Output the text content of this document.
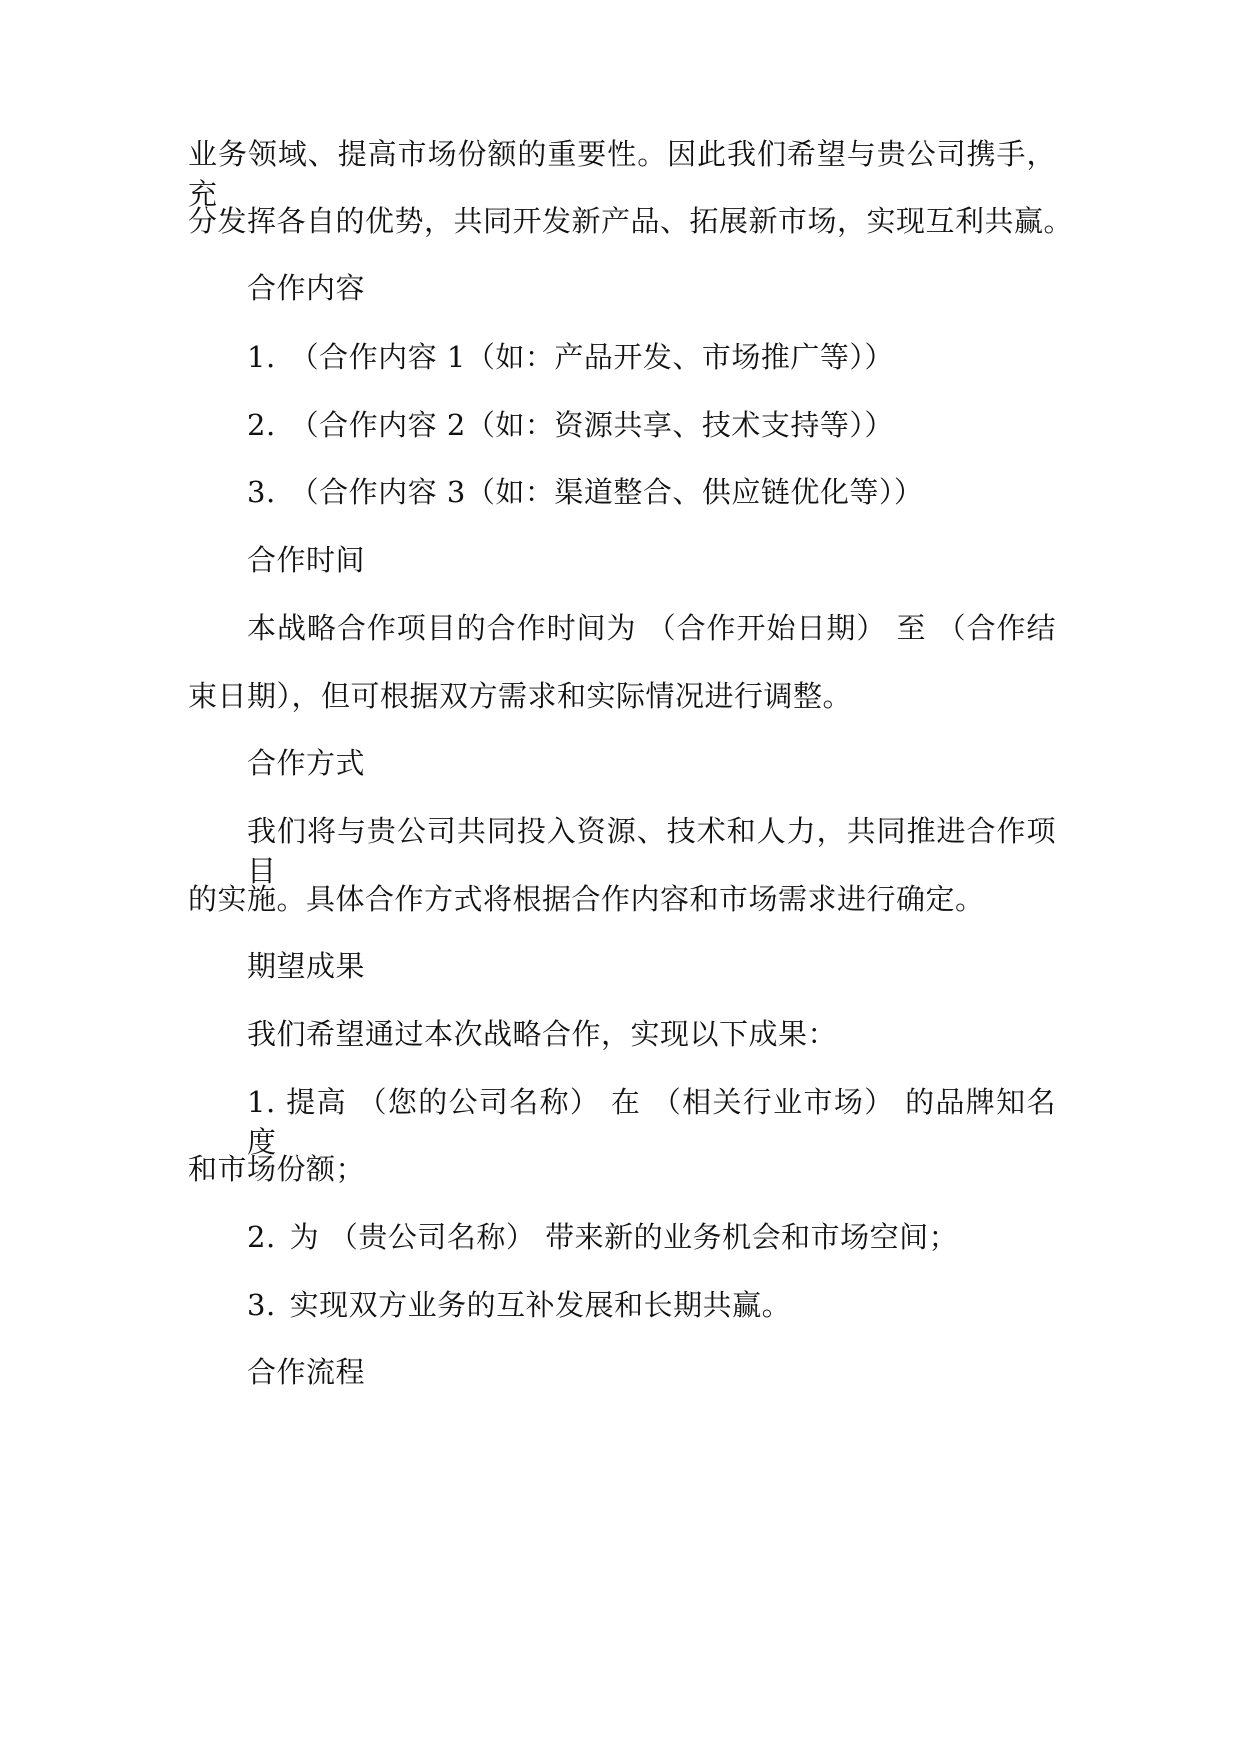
业务领域、提高市场份额的重要性。因此我们希望与贵公司携手，充
分发挥各自的优势，共同开发新产品、拓展新市场，实现互利共赢。
合作内容
1. （合作内容 1（如：产品开发、市场推广等））
2. （合作内容 2（如：资源共享、技术支持等））
3. （合作内容 3（如：渠道整合、供应链优化等））
合作时间
本战略合作项目的合作时间为 （合作开始日期） 至 （合作结
束日期），但可根据双方需求和实际情况进行调整。
合作方式
我们将与贵公司共同投入资源、技术和人力，共同推进合作项目
的实施。具体合作方式将根据合作内容和市场需求进行确定。
期望成果
我们希望通过本次战略合作，实现以下成果：
1. 提高 （您的公司名称） 在 （相关行业市场） 的品牌知名度
和市场份额；
2. 为 （贵公司名称） 带来新的业务机会和市场空间；
3. 实现双方业务的互补发展和长期共赢。
合作流程
